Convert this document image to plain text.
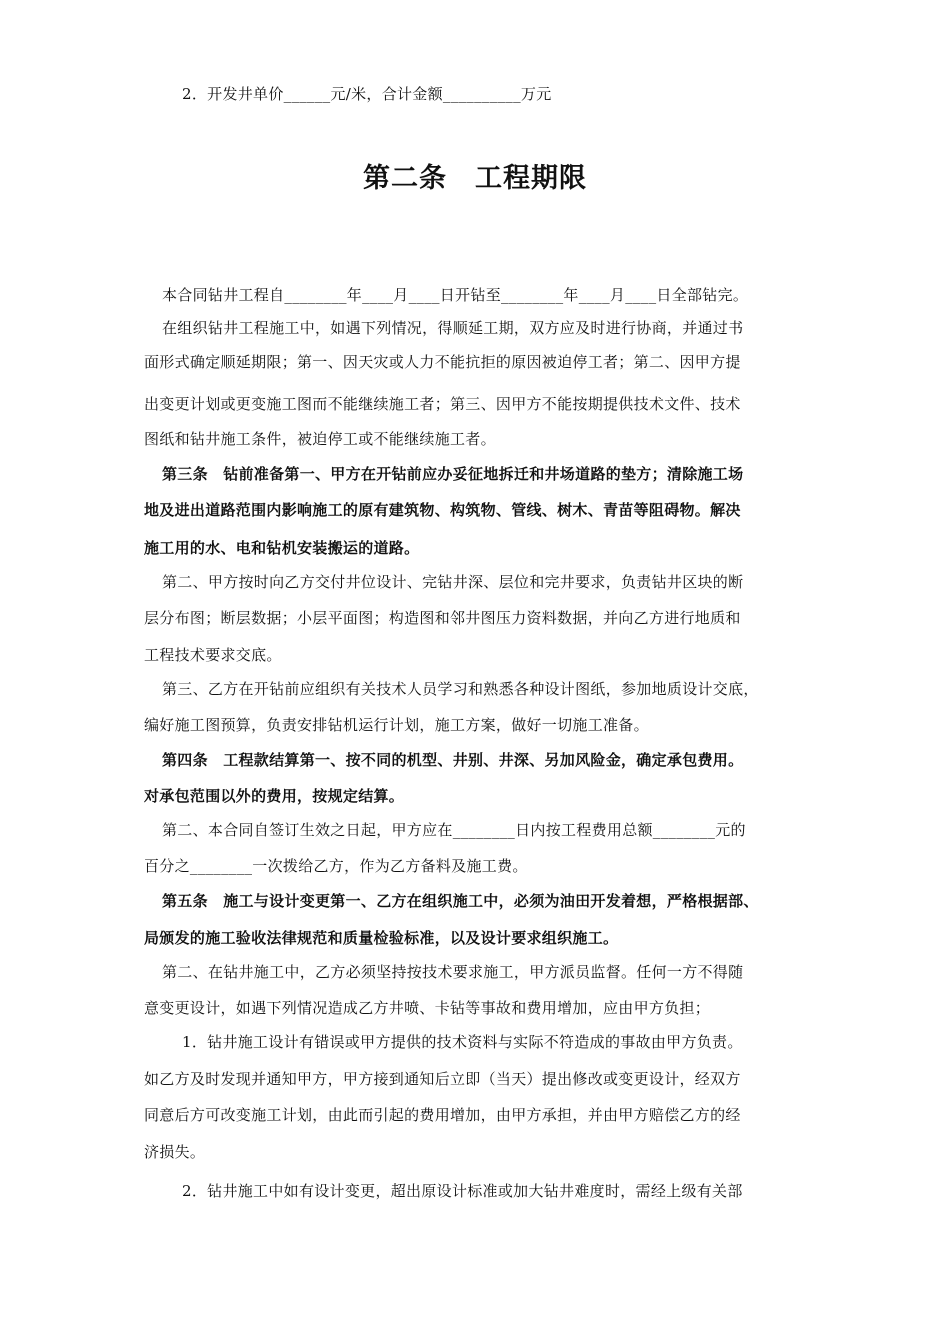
2．开发井单价______元/米，合计金额__________万元
第二条　工程期限
本合同钻井工程自________年____月____日开钻至________年____月____日全部钻完。
在组织钻井工程施工中，如遇下列情况，得顺延工期，双方应及时进行协商，并通过书
面形式确定顺延期限；第一、因天灾或人力不能抗拒的原因被迫停工者；第二、因甲方提
出变更计划或更变施工图而不能继续施工者；第三、因甲方不能按期提供技术文件、技术
图纸和钻井施工条件，被迫停工或不能继续施工者。
第三条　钻前准备第一、甲方在开钻前应办妥征地拆迁和井场道路的垫方；清除施工场
地及进出道路范围内影响施工的原有建筑物、构筑物、管线、树木、青苗等阻碍物。解决
施工用的水、电和钻机安装搬运的道路。
第二、甲方按时向乙方交付井位设计、完钻井深、层位和完井要求，负责钻井区块的断
层分布图；断层数据；小层平面图；构造图和邻井图压力资料数据，并向乙方进行地质和
工程技术要求交底。
第三、乙方在开钻前应组织有关技术人员学习和熟悉各种设计图纸，参加地质设计交底，
编好施工图预算，负责安排钻机运行计划，施工方案，做好一切施工准备。
第四条　工程款结算第一、按不同的机型、井别、井深、另加风险金，确定承包费用。
对承包范围以外的费用，按规定结算。
第二、本合同自签订生效之日起，甲方应在________日内按工程费用总额________元的
百分之________一次拨给乙方，作为乙方备料及施工费。
第五条　施工与设计变更第一、乙方在组织施工中，必须为油田开发着想，严格根据部、
局颁发的施工验收法律规范和质量检验标准，以及设计要求组织施工。
第二、在钻井施工中，乙方必须坚持按技术要求施工，甲方派员监督。任何一方不得随
意变更设计，如遇下列情况造成乙方井喷、卡钻等事故和费用增加，应由甲方负担；
1．钻井施工设计有错误或甲方提供的技术资料与实际不符造成的事故由甲方负责。
如乙方及时发现并通知甲方，甲方接到通知后立即（当天）提出修改或变更设计，经双方
同意后方可改变施工计划，由此而引起的费用增加，由甲方承担，并由甲方赔偿乙方的经
济损失。
2．钻井施工中如有设计变更，超出原设计标准或加大钻井难度时，需经上级有关部
